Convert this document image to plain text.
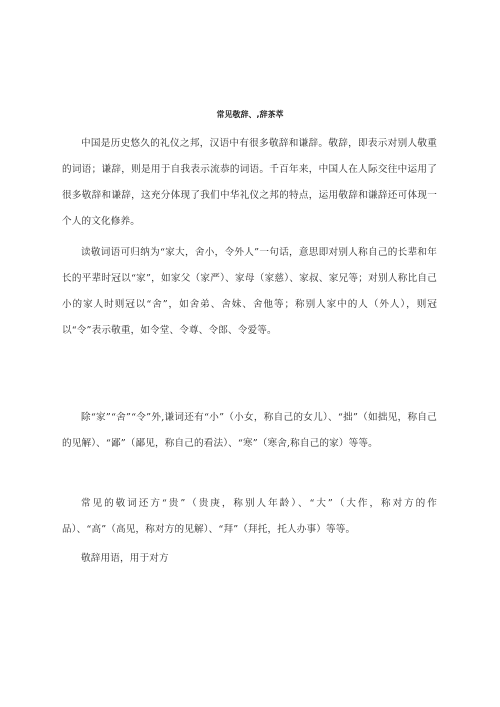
常见敬辞、,辞茶萃

中国是历史悠久的礼仪之邦，汉语中有很多敬辞和谦辞。敬辞，即表示对别人敬重的词语；谦辞，则是用于自我表示流恭的词语。千百年来，中国人在人际交往中运用了很多敬辞和谦辞，这充分体现了我们中华礼仪之邦的特点，运用敬辞和谦辞还可体现一个人的文化修养。

读敬词语可归纳为“家大，舍小，令外人”一句话，意思即对别人称自己的长辈和年长的平辈时冠以“家”，如家父（家严）、家母（家慈）、家叔、家兄等；对别人称比自己小的家人时则冠以“舍”，如舍弟、舍妹、舍他等；称别人家中的人（外人），则冠以“令”表示敬重，如令堂、令尊、令郎、令爱等。

除“家”“舍”“令”外,谦词还有“小”（小女，称自己的女儿）、“拙”（如拙见，称自己的见解）、“鄙”（鄙见，称自己的看法）、“寒”（寒舍,称自己的家）等等。

常见的敬词还方“贵”（贵庚，称别人年龄）、“大”（大作，称对方的作品）、“高”（高见，称对方的见解）、“拜”（拜托，托人办事）等等。

敬辞用语，用于对方
